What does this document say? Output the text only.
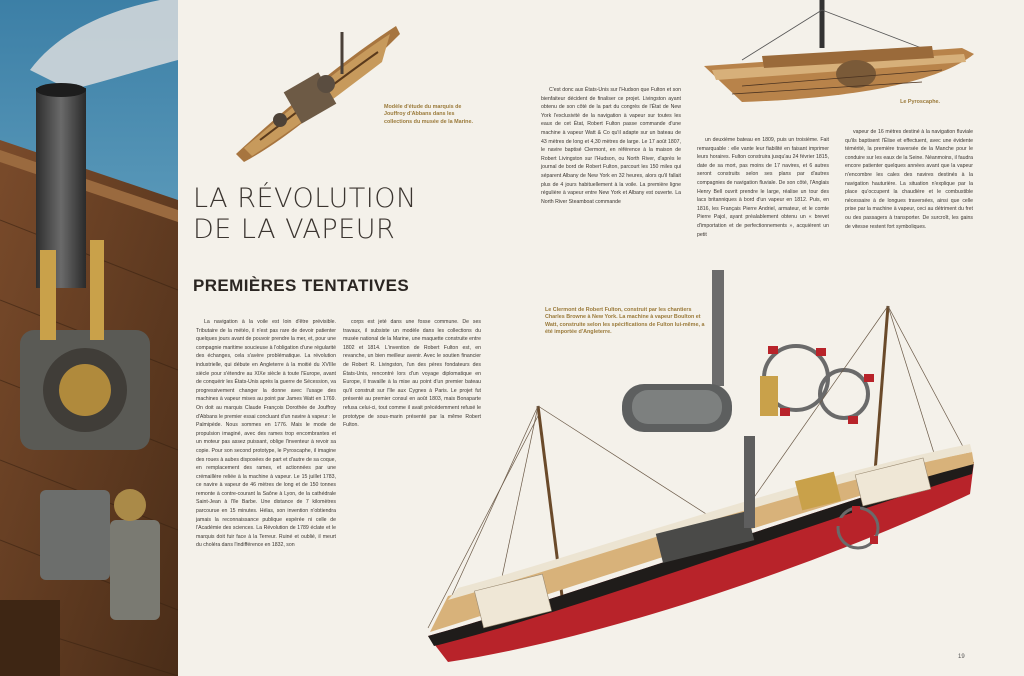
Modèle d'étude du marquis de Jouffroy d'Abbans dans les collections du musée de la Marine.

LA RÉVOLUTION
DE LA VAPEUR
PREMIÈRES TENTATIVES

La navigation à la voile est loin d'être prévisible. Tributaire de la météo, il n'est pas rare de devoir patienter quelques jours avant de pouvoir prendre la mer, et, pour une compagnie maritime soucieuse à l'obligation d'une régularité des échanges, cela s'avère problématique. La révolution industrielle, qui débute en Angleterre à la moitié du XVIIIe siècle pour s'étendre au XIXe siècle à toute l'Europe, avant de conquérir les États-Unis après la guerre de Sécession, va progressivement changer la donne avec l'usage des machines à vapeur mises au point par James Watt en 1769. On doit au marquis Claude François Dorothée de Jouffroy d'Abbans le premier essai concluant d'un navire à vapeur : le Palmipède. Nous sommes en 1776. Mais le mode de propulsion imaginé, avec des rames trop encombrantes et un moteur pas assez puissant, oblige l'inventeur à revoir sa copie. Pour son second prototype, le Pyroscaphe, il imagine des roues à aubes disposées de part et d'autre de sa coque, en remplacement des rames, et actionnées par une crémaillère reliée à la machine à vapeur. Le 15 juillet 1783, ce navire à vapeur de 46 mètres de long et de 150 tonnes remonte à contre-courant la Saône à Lyon, de la cathédrale Saint-Jean à l'île Barbe. Une distance de 7 kilomètres parcourue en 15 minutes. Hélas, son invention n'obtiendra jamais la reconnaissance publique espérée ni celle de l'Académie des sciences. La Révolution de 1789 éclate et le marquis doit fuir face à la Terreur. Ruiné et oublié, il meurt du choléra dans l'indifférence en 1832, son

corps est jeté dans une fosse commune. De ses travaux, il subsiste un modèle dans les collections du musée national de la Marine, une maquette construite entre 1802 et 1814. L'invention de Robert Fulton est, en revanche, un bien meilleur avenir. Avec le soutien financier de Robert R. Livingston, l'un des pères fondateurs des États-Unis, rencontré lors d'un voyage diplomatique en Europe, il travaille à la mise au point d'un premier bateau qu'il construit sur l'île aux Cygnes à Paris. Le projet fut présenté au premier consul en août 1803, mais Bonaparte refusa celui-ci, tout comme il avait précédemment refusé le prototype de sous-marin présenté par la même Robert Fulton.

C'est donc aux États-Unis sur l'Hudson que Fulton et son bienfaiteur décident de finaliser ce projet. Livingston ayant obtenu de son côté de la part du congrès de l'État de New York l'exclusivité de la navigation à vapeur sur toutes les eaux de cet État, Robert Fulton passe commande d'une machine à vapeur Watt & Co qu'il adapte sur un bateau de 43 mètres de long et 4,30 mètres de large. Le 17 août 1807, le navire baptisé Clermont, en référence à la maison de Robert Livingston sur l'Hudson, ou North River, d'après le journal de bord de Robert Fulton, parcourt les 150 miles qui séparent Albany de New York en 32 heures, alors qu'il fallait plus de 4 jours habituellement à la voile. La première ligne régulière à vapeur entre New York et Albany est ouverte. La North River Steamboat commande

un deuxième bateau en 1809, puis un troisième. Fait remarquable : elle vante leur fiabilité en faisant imprimer leurs horaires. Fulton construira jusqu'au 24 février 1815, date de sa mort, pas moins de 17 navires, et 6 autres seront construits selon ses plans par d'autres compagnies de navigation fluviale. De son côté, l'Anglais Henry Bell ouvrit prendre le large, réalise un tour des lacs britanniques à bord d'un vapeur en 1812. Puis, en 1816, les Français Pierre Andriel, armateur, et le comte Pierre Pajol, ayant préalablement obtenu un « brevet d'importation et de perfectionnements », acquièrent un petit

vapeur de 16 mètres destiné à la navigation fluviale qu'ils baptisent l'Élise et effectuent, avec une évidente témérité, la première traversée de la Manche pour le conduire sur les eaux de la Seine. Néanmoins, il faudra encore patienter quelques années avant que la vapeur n'encombre les cales des navires destinés à la navigation hauturière. La situation n'explique par la place qu'occupent la chaudière et le combustible nécessaire à de longues traversées, ainsi que celle prise par la machine à vapeur, ceci au détriment du fret ou des passagers à transporter. De surcroît, les gains de vitesse restent fort symboliques.

Le Pyroscaphe.

Le Clermont de Robert Fulton, construit par les chantiers Charles Browne à New York. La machine à vapeur Boulton et Watt, construite selon les spécifications de Fulton lui-même, a été importée d'Angleterre.

19
